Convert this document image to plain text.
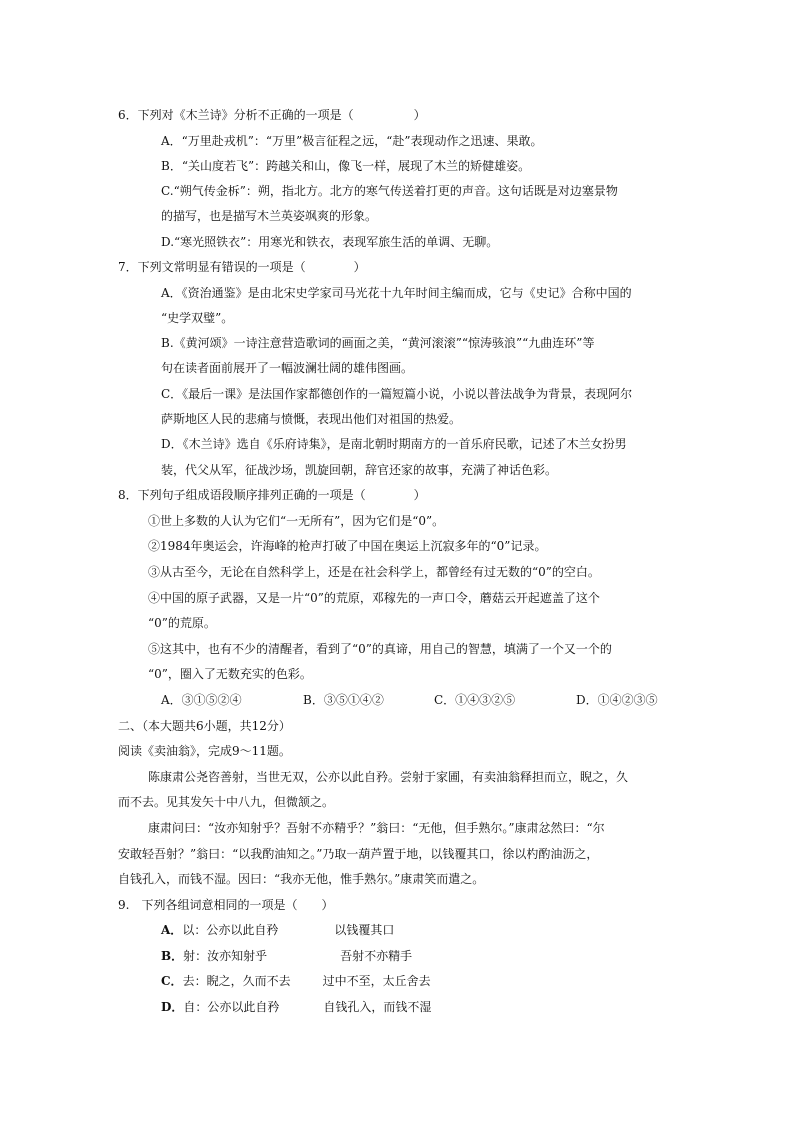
6．下列对《木兰诗》分析不正确的一项是（　　　　　）
A．“万里赴戎机”：“万里”极言征程之远，“赴”表现动作之迅速、果敢。
B．“关山度若飞”：跨越关和山，像飞一样，展现了木兰的矫健雄姿。
C.“朔气传金柝”：朔，指北方。北方的寒气传送着打更的声音。这句话既是对边塞景物
的描写，也是描写木兰英姿飒爽的形象。
D.“寒光照铁衣”：用寒光和铁衣，表现军旅生活的单调、无聊。
7．下列文常明显有错误的一项是（　　　　）
A．《资治通鉴》是由北宋史学家司马光花十九年时间主编而成，它与《史记》合称中国的
“史学双璧”。
B.《黄河颂》一诗注意营造歌词的画面之美，“黄河滚滚”“惊涛骇浪”“九曲连环”等
句在读者面前展开了一幅波澜壮阔的雄伟图画。
C．《最后一课》是法国作家都德创作的一篇短篇小说，小说以普法战争为背景，表现阿尔
萨斯地区人民的悲痛与愤慨，表现出他们对祖国的热爱。
D．《木兰诗》选自《乐府诗集》，是南北朝时期南方的一首乐府民歌，记述了木兰女扮男
装，代父从军，征战沙场，凯旋回朝，辞官还家的故事，充满了神话色彩。
8．下列句子组成语段顺序排列正确的一项是（　　　　）
①世上多数的人认为它们“一无所有”，因为它们是“0”。
②1984年奥运会，许海峰的枪声打破了中国在奥运上沉寂多年的“0”记录。
③从古至今，无论在自然科学上，还是在社会科学上，都曾经有过无数的“0”的空白。
④中国的原子武器，又是一片“0”的荒原，邓稼先的一声口令，蘑菇云开起遮盖了这个
“0”的荒原。
⑤这其中，也有不少的清醒者，看到了“0”的真谛，用自己的智慧，填满了一个又一个的
“0”，圈入了无数充实的色彩。
A．③①⑤②④	B．③⑤①④②	C．①④③②⑤	D．①④②③⑤
二、（本大题共6小题，共12分）
阅读《卖油翁》，完成9～11题。
陈康肃公尧咨善射，当世无双，公亦以此自矜。尝射于家圃，有卖油翁释担而立，睨之，久
而不去。见其发矢十中八九，但微颔之。
康肃问曰：“汝亦知射乎？吾射不亦精乎？”翁曰：“无他，但手熟尔。”康肃忿然曰：“尔
安敢轻吾射？”翁曰：“以我酌油知之。”乃取一葫芦置于地，以钱覆其口，徐以杓酌油沥之，
自钱孔入，而钱不湿。因曰：“我亦无他，惟手熟尔。”康肃笑而遣之。
9.　下列各组词意相同的一项是（　　）
A．以：公亦以此自矜	以钱覆其口
B．射：汝亦知射乎	吾射不亦精手
C．去：睨之，久而不去	过中不至，太丘舍去
D．自：公亦以此自矜	自钱孔入，而钱不湿
